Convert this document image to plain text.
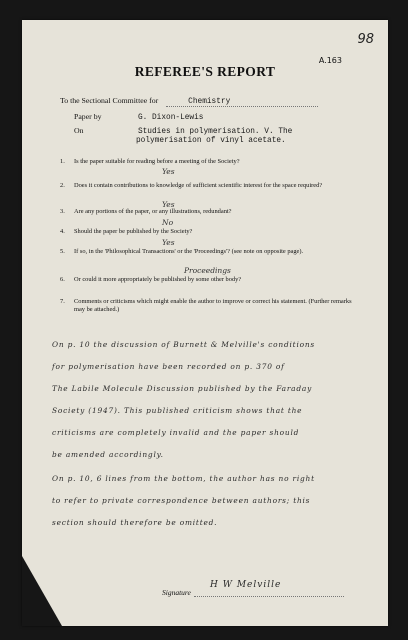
98
A.163
REFEREE'S REPORT
To the Sectional Committee for	Chemistry
Paper by	G. Dixon-Lewis
On	Studies in polymerisation. V. The
polymerisation of vinyl acetate.
1. Is the paper suitable for reading before a meeting of the Society?
Yes
2. Does it contain contributions to knowledge of sufficient scientific interest for the space required?
Yes
3. Are any portions of the paper, or any illustrations, redundant?
No
4. Should the paper be published by the Society?
Yes
5. If so, in the 'Philosophical Transactions' or the 'Proceedings'? (see note on opposite page).
Proceedings
6. Or could it more appropriately be published by some other body?
7. Comments or criticisms which might enable the author to improve or correct his statement. (Further remarks may be attached.)
On p. 10 the discussion of Burnett & Melville's conditions
for polymerisation have been recorded on p. 370 of
The Labile Molecule Discussion published by the Faraday
Society (1947). This published criticism shows that the
criticisms are completely invalid and the paper should
be amended accordingly.
On p. 10, 6 lines from the bottom, the author has no right
to refer to private correspondence between authors; this
section should therefore be omitted.
Signature
H W Melville
